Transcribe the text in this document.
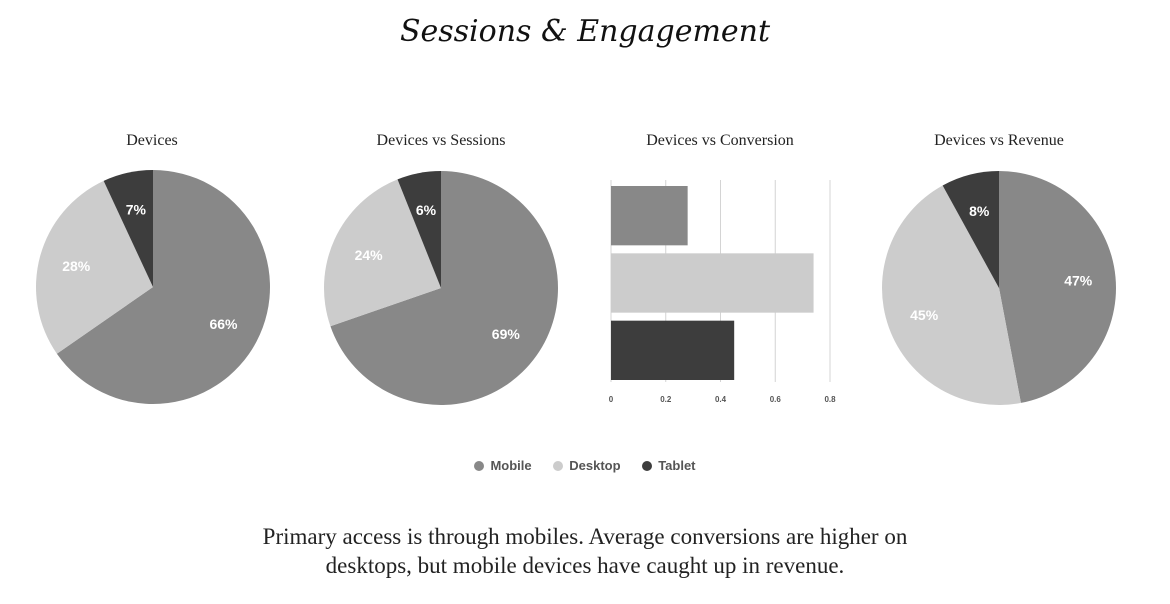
Sessions & Engagement
Devices	Devices vs Sessions	Devices vs Conversion	Devices vs Revenue
66%
28%
7%
69%
24%
6%
0	0.2	0.4	0.6	0.8
47%
45%
8%
Mobile	Desktop	Tablet
Primary access is through mobiles. Average conversions are higher on
desktops, but mobile devices have caught up in revenue.
